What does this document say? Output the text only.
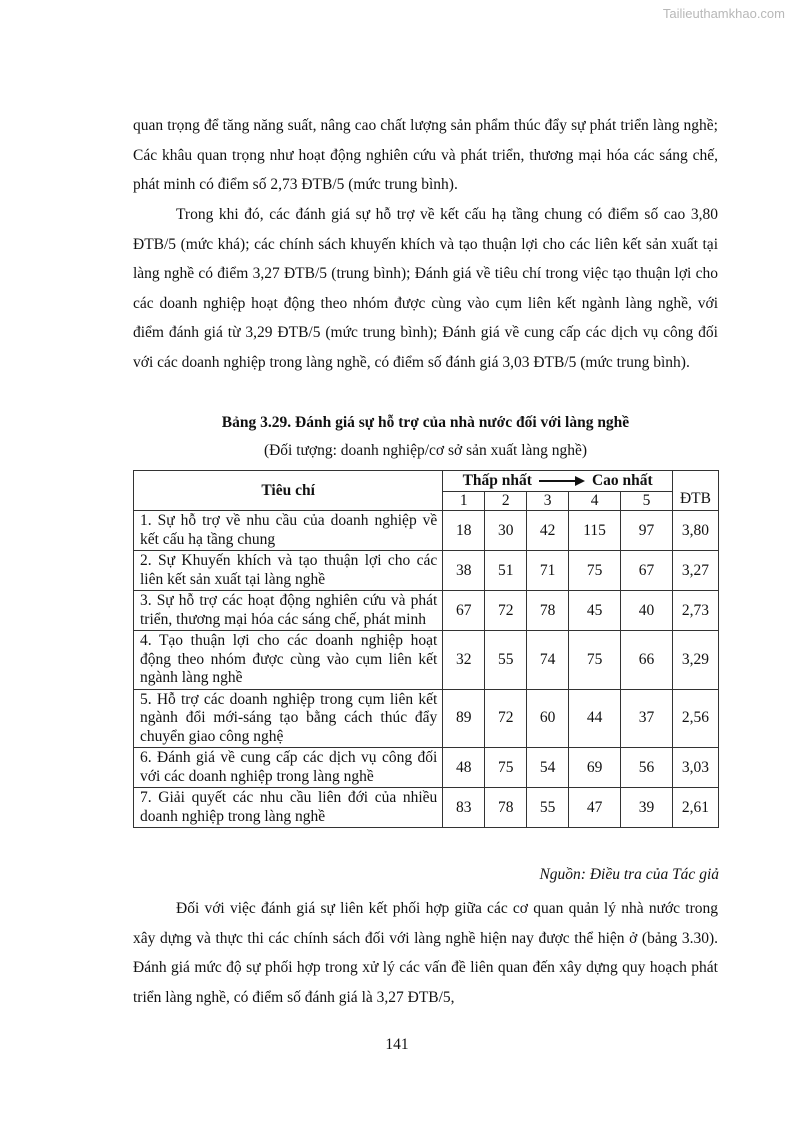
Tailieuthamkhao.com

quan trọng để tăng năng suất, nâng cao chất lượng sản phẩm thúc đẩy sự phát triển làng nghề; Các khâu quan trọng như hoạt động nghiên cứu và phát triển, thương mại hóa các sáng chế, phát minh có điểm số 2,73 ĐTB/5 (mức trung bình).

Trong khi đó, các đánh giá sự hỗ trợ về kết cấu hạ tầng chung có điểm số cao 3,80 ĐTB/5 (mức khá); các chính sách khuyến khích và tạo thuận lợi cho các liên kết sản xuất tại làng nghề có điểm 3,27 ĐTB/5 (trung bình); Đánh giá về tiêu chí trong việc tạo thuận lợi cho các doanh nghiệp hoạt động theo nhóm được cùng vào cụm liên kết ngành làng nghề, với điểm đánh giá từ 3,29 ĐTB/5 (mức trung bình); Đánh giá về cung cấp các dịch vụ công đối với các doanh nghiệp trong làng nghề, có điểm số đánh giá 3,03 ĐTB/5 (mức trung bình).

Bảng 3.29. Đánh giá sự hỗ trợ của nhà nước đối với làng nghề
(Đối tượng: doanh nghiệp/cơ sở sản xuất làng nghề)
Tiêu chí	Thấp nhất Cao nhất					ĐTB
	1	2	3	4	5	
1. Sự hỗ trợ về nhu cầu của doanh nghiệp về kết cấu hạ tầng chung	18	30	42	115	97	3,80
2. Sự Khuyến khích và tạo thuận lợi cho các liên kết sản xuất tại làng nghề	38	51	71	75	67	3,27
3. Sự hỗ trợ các hoạt động nghiên cứu và phát triển, thương mại hóa các sáng chế, phát minh	67	72	78	45	40	2,73
4. Tạo thuận lợi cho các doanh nghiệp hoạt động theo nhóm được cùng vào cụm liên kết ngành làng nghề	32	55	74	75	66	3,29
5. Hỗ trợ các doanh nghiệp trong cụm liên kết ngành đổi mới-sáng tạo bằng cách thúc đẩy chuyển giao công nghệ	89	72	60	44	37	2,56
6. Đánh giá về cung cấp các dịch vụ công đối với các doanh nghiệp trong làng nghề	48	75	54	69	56	3,03
7. Giải quyết các nhu cầu liên đới của nhiều doanh nghiệp trong làng nghề	83	78	55	47	39	2,61
Nguồn: Điều tra của Tác giả

Đối với việc đánh giá sự liên kết phối hợp giữa các cơ quan quản lý nhà nước trong xây dựng và thực thi các chính sách đối với làng nghề hiện nay được thể hiện ở (bảng 3.30). Đánh giá mức độ sự phối hợp trong xử lý các vấn đề liên quan đến xây dựng quy hoạch phát triển làng nghề, có điểm số đánh giá là 3,27 ĐTB/5,

141
